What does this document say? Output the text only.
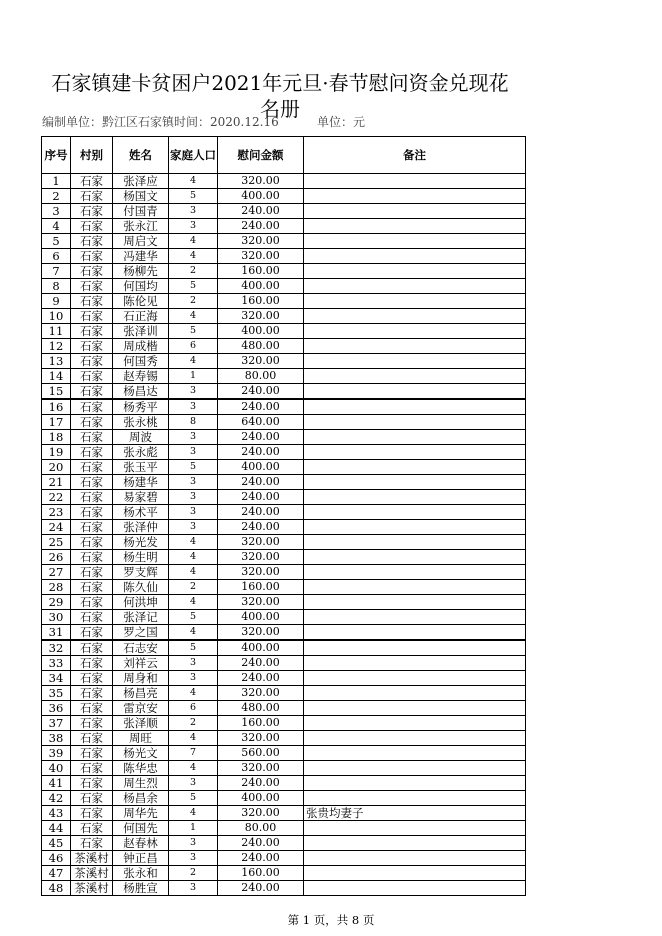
石家镇建卡贫困户2021年元旦·春节慰问资金兑现花
名册
编制单位：黔江区石家镇时间：2020.12.16	单位：元
序号	村别	姓名	家庭人口	慰问金额	备注
1	石家	张泽应	4	320.00	
2	石家	杨国文	5	400.00	
3	石家	付国青	3	240.00	
4	石家	张永江	3	240.00	
5	石家	周启文	4	320.00	
6	石家	冯建华	4	320.00	
7	石家	杨柳先	2	160.00	
8	石家	何国均	5	400.00	
9	石家	陈伦见	2	160.00	
10	石家	石正海	4	320.00	
11	石家	张泽训	5	400.00	
12	石家	周成楷	6	480.00	
13	石家	何国秀	4	320.00	
14	石家	赵寿锡	1	80.00	
15	石家	杨昌达	3	240.00	
16	石家	杨秀平	3	240.00	
17	石家	张永桃	8	640.00	
18	石家	周波	3	240.00	
19	石家	张永彪	3	240.00	
20	石家	张玉平	5	400.00	
21	石家	杨建华	3	240.00	
22	石家	易家碧	3	240.00	
23	石家	杨术平	3	240.00	
24	石家	张泽仲	3	240.00	
25	石家	杨光发	4	320.00	
26	石家	杨生明	4	320.00	
27	石家	罗支辉	4	320.00	
28	石家	陈久仙	2	160.00	
29	石家	何洪坤	4	320.00	
30	石家	张泽记	5	400.00	
31	石家	罗之国	4	320.00	
32	石家	石志安	5	400.00	
33	石家	刘祥云	3	240.00	
34	石家	周身和	3	240.00	
35	石家	杨昌亮	4	320.00	
36	石家	雷京安	6	480.00	
37	石家	张泽顺	2	160.00	
38	石家	周旺	4	320.00	
39	石家	杨光文	7	560.00	
40	石家	陈华忠	4	320.00	
41	石家	周生烈	3	240.00	
42	石家	杨昌余	5	400.00	
43	石家	周华先	4	320.00	张贵均妻子
44	石家	何国先	1	80.00	
45	石家	赵春林	3	240.00	
46	茶溪村	钟正昌	3	240.00	
47	茶溪村	张永和	2	160.00	
48	茶溪村	杨胜宣	3	240.00	
第 1 页，共 8 页
